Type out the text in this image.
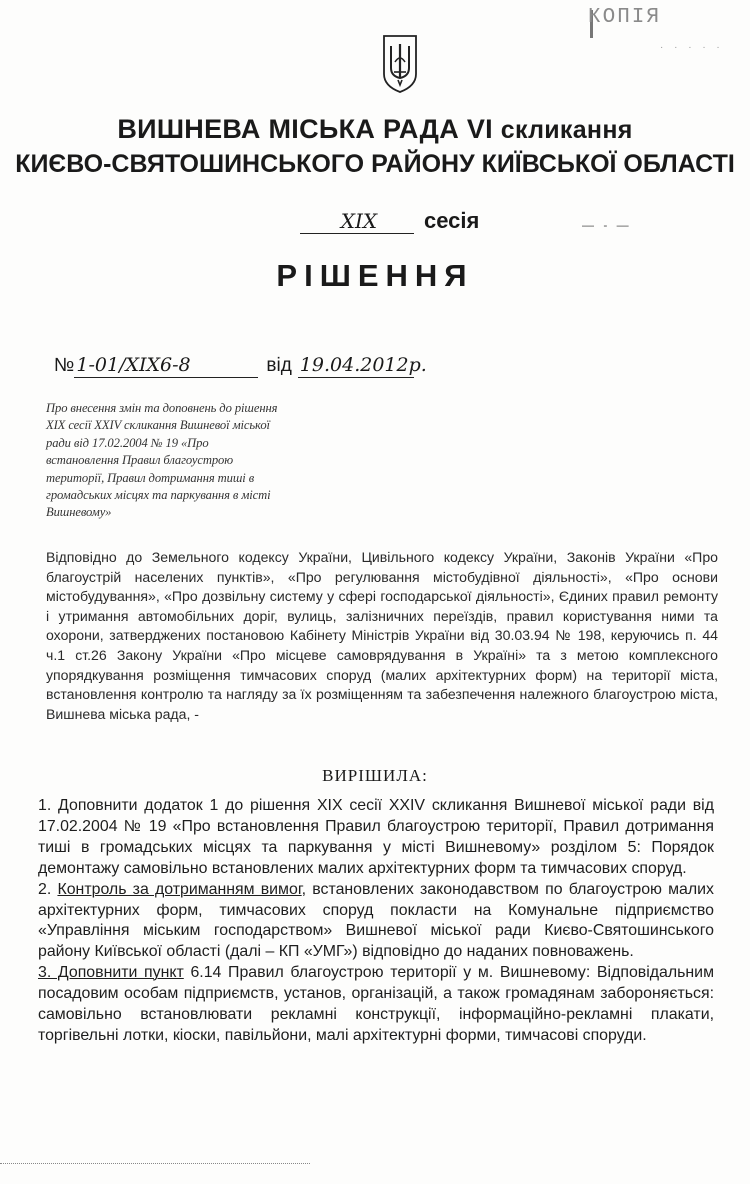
КОПІЯ
· · · · ·
ВИШНЕВА МІСЬКА РАДА VІ скликання
КИЄВО-СВЯТОШИНСЬКОГО РАЙОНУ КИЇВСЬКОЇ ОБЛАСТІ
XIX сесія	— - —
РІШЕННЯ
№ 1-01/XIX6-8	від 19.04.2012р.
Про внесення змін та доповнень до рішення XIX сесії XXIV скликання Вишневої міської ради від 17.02.2004 № 19 «Про встановлення Правил благоустрою території, Правил дотримання тиші в громадських місцях та паркування в місті Вишневому»
Відповідно до Земельного кодексу України, Цивільного кодексу України, Законів України «Про благоустрій населених пунктів», «Про регулювання містобудівної діяльності», «Про основи містобудування», «Про дозвільну систему у сфері господарської діяльності», Єдиних правил ремонту і утримання автомобільних доріг, вулиць, залізничних переїздів, правил користування ними та охорони, затверджених постановою Кабінету Міністрів України від 30.03.94 № 198, керуючись п. 44 ч.1 ст.26 Закону України «Про місцеве самоврядування в Україні» та з метою комплексного упорядкування розміщення тимчасових споруд (малих архітектурних форм) на території міста, встановлення контролю та нагляду за їх розміщенням та забезпечення належного благоустрою міста, Вишнева міська рада, -
ВИРІШИЛА:

1. Доповнити додаток 1 до рішення XIX сесії XXIV скликання Вишневої міської ради від 17.02.2004 № 19 «Про встановлення Правил благоустрою території, Правил дотримання тиші в громадських місцях та паркування у місті Вишневому» розділом 5: Порядок демонтажу самовільно встановлених малих архітектурних форм та тимчасових споруд.

2. Контроль за дотриманням вимог, встановлених законодавством по благоустрою малих архітектурних форм, тимчасових споруд покласти на Комунальне підприємство «Управління міським господарством» Вишневої міської ради Києво-Святошинського району Київської області (далі – КП «УМГ») відповідно до наданих повноважень.

3. Доповнити пункт 6.14 Правил благоустрою території у м. Вишневому: Відповідальним посадовим особам підприємств, установ, організацій, а також громадянам забороняється: самовільно встановлювати рекламні конструкції, інформаційно-рекламні плакати, торгівельні лотки, кіоски, павільйони, малі архітектурні форми, тимчасові споруди.
